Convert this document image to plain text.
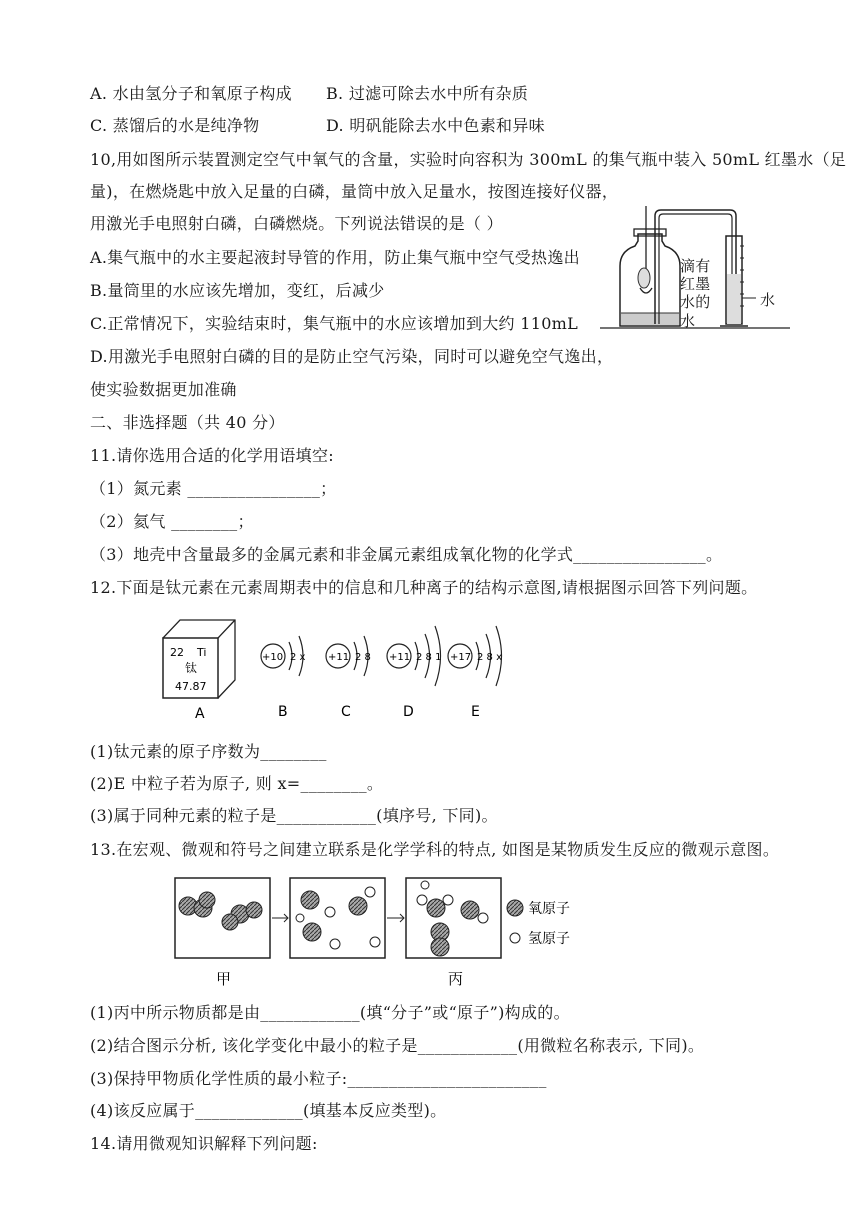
A. 水由氢分子和氧原子构成 B. 过滤可除去水中所有杂质
C. 蒸馏后的水是纯净物	D. 明矾能除去水中色素和异味
10,用如图所示装置测定空气中氧气的含量，实验时向容积为 300mL 的集气瓶中装入 50mL 红墨水（足
量)，在燃烧匙中放入足量的白磷，量筒中放入足量水，按图连接好仪器，
用激光手电照射白磷，白磷燃烧。下列说法错误的是（ ）
A.集气瓶中的水主要起液封导管的作用，防止集气瓶中空气受热逸出
B.量筒里的水应该先增加，变红，后减少
C.正常情况下，实验结束时，集气瓶中的水应该增加到大约 110mL
D.用激光手电照射白磷的目的是防止空气污染，同时可以避免空气逸出，
使实验数据更加准确
滴有
红墨
水的
水
水
二、非选择题（共 40 分）
11.请你选用合适的化学用语填空:
（1）氮元素 ________________；
（2）氦气 ________；
（3）地壳中含量最多的金属元素和非金属元素组成氧化物的化学式________________。
12.下面是钛元素在元素周期表中的信息和几种离子的结构示意图,请根据图示回答下列问题。
22 Ti
钛
47.87
+10 2 x +11 2 8 +11 2 8 1 +17 2 8 x
A	B	C	D	E
(1)钛元素的原子序数为________
(2)E 中粒子若为原子, 则 x=________。
(3)属于同种元素的粒子是____________(填序号, 下同)。
13.在宏观、微观和符号之间建立联系是化学学科的特点, 如图是某物质发生反应的微观示意图。
氧原子
氢原子
甲	丙
(1)丙中所示物质都是由____________(填“分子”或“原子”)构成的。
(2)结合图示分析, 该化学变化中最小的粒子是____________(用微粒名称表示, 下同)。
(3)保持甲物质化学性质的最小粒子:________________________
(4)该反应属于_____________(填基本反应类型)。
14.请用微观知识解释下列问题:
